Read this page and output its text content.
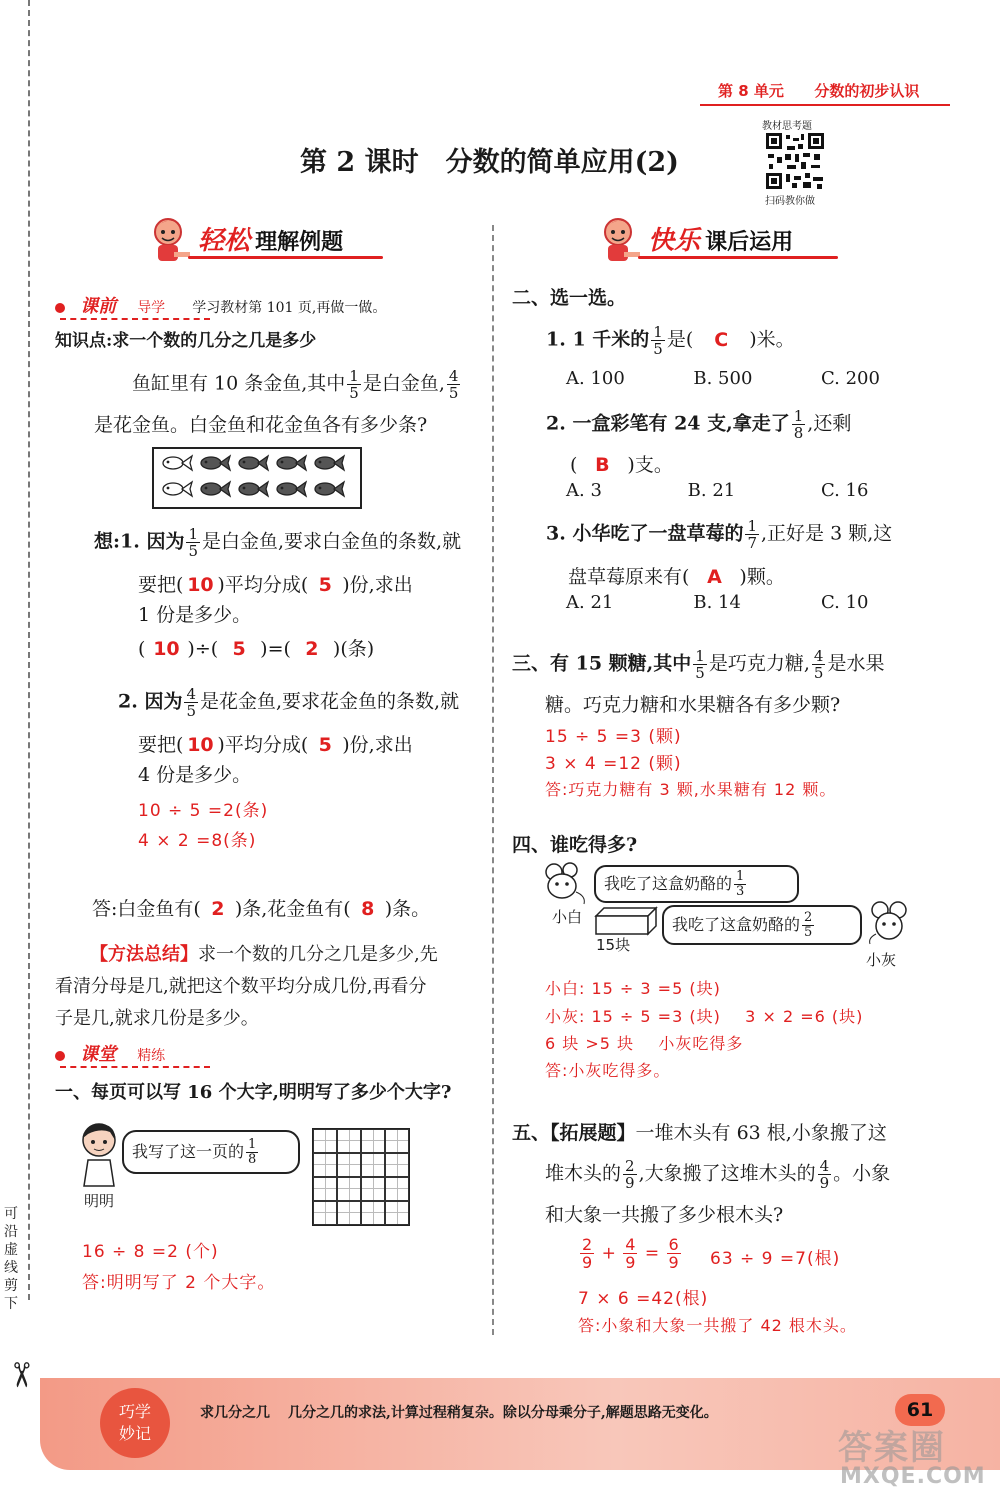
可沿虚线剪下
✂
第 8 单元 分数的初步认识
第 2 课时　分数的简单应用(2)
教材思考题
扫码教你做
轻松 理解例题	快乐 课后运用
课前 导学 学习教材第 101 页,再做一做。
知识点:求一个数的几分之几是多少
鱼缸里有 10 条金鱼,其中 $\frac{1}{5}$ 是白金鱼, $\frac{4}{5}$
是花金鱼。白金鱼和花金鱼各有多少条?
想:1. 因为 $\frac{1}{5}$ 是白金鱼,要求白金鱼的条数,就
要把( 10 )平均分成( 5 )份,求出
1 份是多少。
( 10 )÷( 5 )=( 2 )(条)
2. 因为 $\frac{4}{5}$ 是花金鱼,要求花金鱼的条数,就
要把( 10 )平均分成( 5 )份,求出
4 份是多少。
10 ÷ 5 =2(条)
4 × 2 =8(条)
答:白金鱼有( 2 )条,花金鱼有( 8 )条。
【方法总结】求一个数的几分之几是多少,先
看清分母是几,就把这个数平均分成几份,再看分
子是几,就求几份是多少。
课堂 精练
一、每页可以写 16 个大字,明明写了多少个大字?
我写了这一页的 $\frac{1}{8}$
明明
16 ÷ 8 =2 (个)
答:明明写了 2 个大字。
二、选一选。
1. 1 千米的 $\frac{1}{5}$ 是( C )米。
A. 100	B. 500	C. 200
2. 一盒彩笔有 24 支,拿走了 $\frac{1}{8}$ ,还剩
( B )支。
A. 3	B. 21	C. 16
3. 小华吃了一盘草莓的 $\frac{1}{7}$ ,正好是 3 颗,这
盘草莓原来有( A )颗。
A. 21	B. 14	C. 10
三、有 15 颗糖,其中 $\frac{1}{5}$ 是巧克力糖, $\frac{4}{5}$ 是水果
糖。巧克力糖和水果糖各有多少颗?
15 ÷ 5 =3 (颗)
3 × 4 =12 (颗)
答:巧克力糖有 3 颗,水果糖有 12 颗。
四、谁吃得多?
我吃了这盒奶酪的 $\frac{1}{3}$
小白
15块
我吃了这盒奶酪的 $\frac{2}{5}$
小灰
小白: 15 ÷ 3 =5 (块)
小灰: 15 ÷ 5 =3 (块)    3 × 2 =6 (块)
6 块 >5 块    小灰吃得多
答:小灰吃得多。
五、【拓展题】一堆木头有 63 根,小象搬了这
堆木头的 $\frac{2}{9}$ ,大象搬了这堆木头的 $\frac{4}{9}$ 。小象
和大象一共搬了多少根木头?
$\frac{2}{9} + \frac{4}{9} = \frac{6}{9} 63 \div 9 =7$(根)
7 × 6 =42(根)
答:小象和大象一共搬了 42 根木头。
巧学
妙记
求几分之几 几分之几的求法,计算过程稍复杂。除以分母乘分子,解题思路无变化。	61
答案圈
MXQE.COM
